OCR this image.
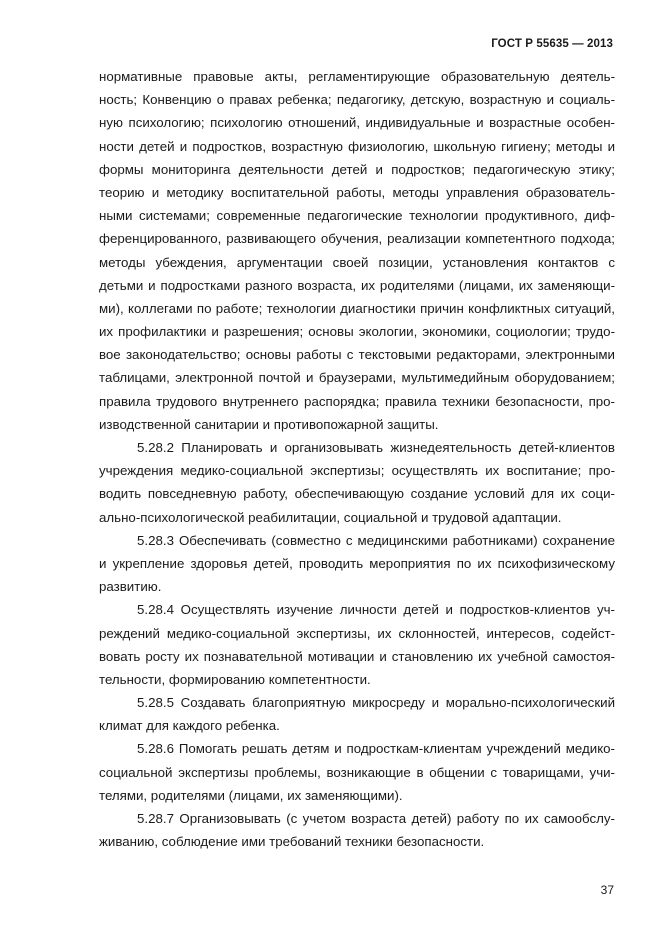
ГОСТ Р 55635 — 2013
нормативные правовые акты, регламентирующие образовательную деятель-
ность; Конвенцию о правах ребенка; педагогику, детскую, возрастную и социаль-
ную психологию; психологию отношений, индивидуальные и возрастные особен-
ности детей и подростков, возрастную физиологию, школьную гигиену; методы и
формы мониторинга деятельности детей и подростков; педагогическую этику;
теорию и методику воспитательной работы, методы управления образователь-
ными системами; современные педагогические технологии продуктивного, диф-
ференцированного, развивающего обучения, реализации компетентного подхода;
методы убеждения, аргументации своей позиции, установления контактов с
детьми и подростками разного возраста, их родителями (лицами, их заменяющи-
ми), коллегами по работе; технологии диагностики причин конфликтных ситуаций,
их профилактики и разрешения; основы экологии, экономики, социологии; трудо-
вое законодательство; основы работы с текстовыми редакторами, электронными
таблицами, электронной почтой и браузерами, мультимедийным оборудованием;
правила трудового внутреннего распорядка; правила техники безопасности, про-
изводственной санитарии и противопожарной защиты.
5.28.2 Планировать и организовывать жизнедеятельность детей-клиентов
учреждения медико-социальной экспертизы; осуществлять их воспитание; про-
водить повседневную работу, обеспечивающую создание условий для их соци-
ально-психологической реабилитации, социальной и трудовой адаптации.
5.28.3 Обеспечивать (совместно с медицинскими работниками) сохранение
и укрепление здоровья детей, проводить мероприятия по их психофизическому
развитию.
5.28.4 Осуществлять изучение личности детей и подростков-клиентов уч-
реждений медико-социальной экспертизы, их склонностей, интересов, содейст-
вовать росту их познавательной мотивации и становлению их учебной самостоя-
тельности, формированию компетентности.
5.28.5 Создавать благоприятную микросреду и морально-психологический
климат для каждого ребенка.
5.28.6 Помогать решать детям и подросткам-клиентам учреждений медико-
социальной экспертизы проблемы, возникающие в общении с товарищами, учи-
телями, родителями (лицами, их заменяющими).
5.28.7 Организовывать (с учетом возраста детей) работу по их самообслу-
живанию, соблюдение ими требований техники безопасности.
37
